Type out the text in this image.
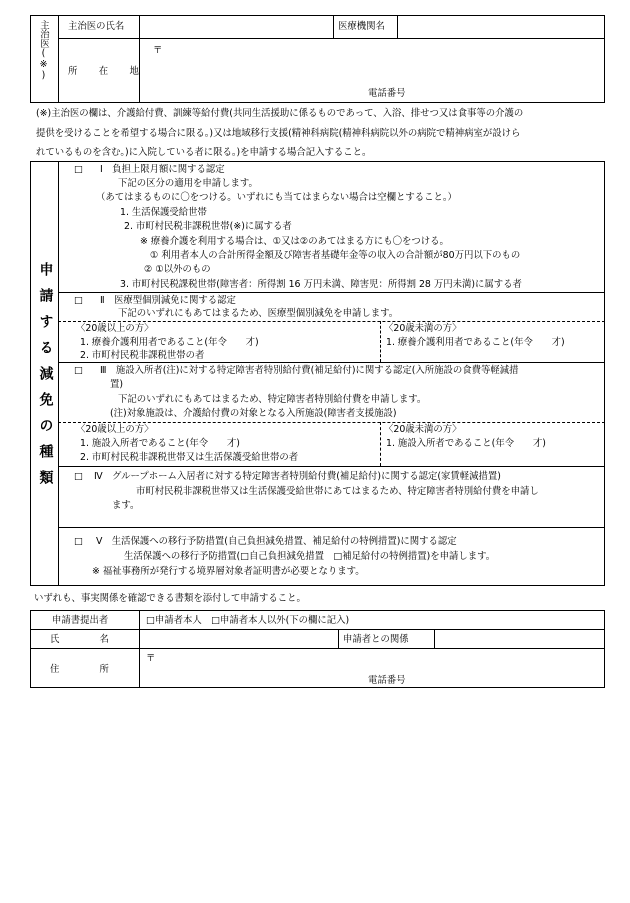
主治医(※) 主治医の氏名	医療機関名
所　在　地
〒
電話番号
(※)主治医の欄は、介護給付費、訓練等給付費(共同生活援助に係るものであって、入浴、排せつ又は食事等の介護の
提供を受けることを希望する場合に限る。)又は地域移行支援(精神科病院(精神科病院以外の病院で精神病室が設けら
れているものを含む。)に入院している者に限る。)を申請する場合記入すること。
申請する減免の種類
□ Ⅰ　負担上限月額に関する認定
下記の区分の適用を申請します。
（あてはまるものに〇をつける。いずれにも当てはまらない場合は空欄とすること。）
1. 生活保護受給世帯
2. 市町村民税非課税世帯(※)に属する者
※ 療養介護を利用する場合は、①又は②のあてはまる方にも〇をつける。
① 利用者本人の合計所得金額及び障害者基礎年金等の収入の合計額が80万円以下のもの
② ①以外のもの
3. 市町村民税課税世帯(障害者：所得割 16 万円未満、障害児：所得割 28 万円未満)に属する者
□ Ⅱ　医療型個別減免に関する認定
下記のいずれにもあてはまるため、医療型個別減免を申請します。
〈20歳以上の方〉
1. 療養介護利用者であること(年令　　才)
2. 市町村民税非課税世帯の者
〈20歳未満の方〉
1. 療養介護利用者であること(年令　　才)
□ Ⅲ　施設入所者(注)に対する特定障害者特別給付費(補足給付)に関する認定(入所施設の食費等軽減措
置)
下記のいずれにもあてはまるため、特定障害者特別給付費を申請します。
(注)対象施設は、介護給付費の対象となる入所施設(障害者支援施設)
〈20歳以上の方〉
1. 施設入所者であること(年令　　才)
2. 市町村民税非課税世帯又は生活保護受給世帯の者
〈20歳未満の方〉
1. 施設入所者であること(年令　　才)
□ Ⅳ　グループホーム入居者に対する特定障害者特別給付費(補足給付)に関する認定(家賃軽減措置)
市町村民税非課税世帯又は生活保護受給世帯にあてはまるため、特定障害者特別給付費を申請し
ます。
□ Ⅴ　生活保護への移行予防措置(自己負担減免措置、補足給付の特例措置)に関する認定
生活保護への移行予防措置(□自己負担減免措置　□補足給付の特例措置)を申請します。
※ 福祉事務所が発行する境界層対象者証明書が必要となります。
いずれも、事実関係を確認できる書類を添付して申請すること。
申請書提出者	□申請者本人　□申請者本人以外(下の欄に記入)
氏　　　名	申請者との関係
住　　　所
〒
電話番号
